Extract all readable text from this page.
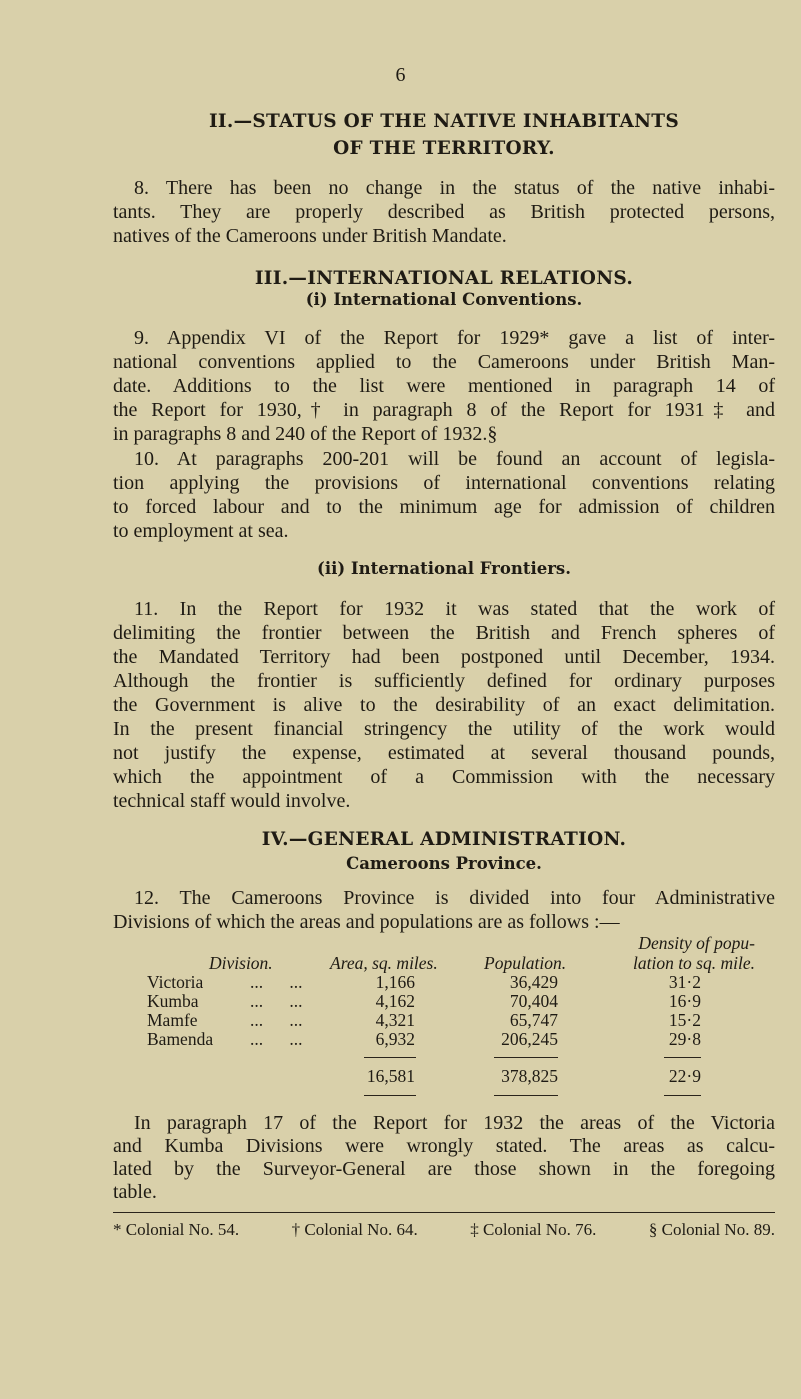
6
II.—STATUS OF THE NATIVE INHABITANTS
OF THE TERRITORY.
8. There has been no change in the status of the native inhabi-
tants. They are properly described as British protected persons,
natives of the Cameroons under British Mandate.
III.—INTERNATIONAL RELATIONS.
(i) International Conventions.
9. Appendix VI of the Report for 1929* gave a list of inter-
national conventions applied to the Cameroons under British Man-
date. Additions to the list were mentioned in paragraph 14 of
the Report for 1930,† in paragraph 8 of the Report for 1931‡ and
in paragraphs 8 and 240 of the Report of 1932.§
10. At paragraphs 200-201 will be found an account of legisla-
tion applying the provisions of international conventions relating
to forced labour and to the minimum age for admission of children
to employment at sea.
(ii) International Frontiers.
11. In the Report for 1932 it was stated that the work of
delimiting the frontier between the British and French spheres of
the Mandated Territory had been postponed until December, 1934.
Although the frontier is sufficiently defined for ordinary purposes
the Government is alive to the desirability of an exact delimitation.
In the present financial stringency the utility of the work would
not justify the expense, estimated at several thousand pounds,
which the appointment of a Commission with the necessary
technical staff would involve.
IV.—GENERAL ADMINISTRATION.
Cameroons Province.
12. The Cameroons Province is divided into four Administrative
Divisions of which the areas and populations are as follows :—
Division.	Area, sq. miles.	Population.
Density of popu-
lation to sq. mile.
Victoria	...      ...	1,166	36,429	31·2
Kumba	...      ...	4,162	70,404	16·9
Mamfe	...      ...	4,321	65,747	15·2
Bamenda ...      ...	6,932	206,245	29·8
16,581	378,825	22·9
In paragraph 17 of the Report for 1932 the areas of the Victoria
and Kumba Divisions were wrongly stated. The areas as calcu-
lated by the Surveyor-General are those shown in the foregoing
table.
* Colonial No. 54.	† Colonial No. 64.	‡ Colonial No. 76.	§ Colonial No. 89.
